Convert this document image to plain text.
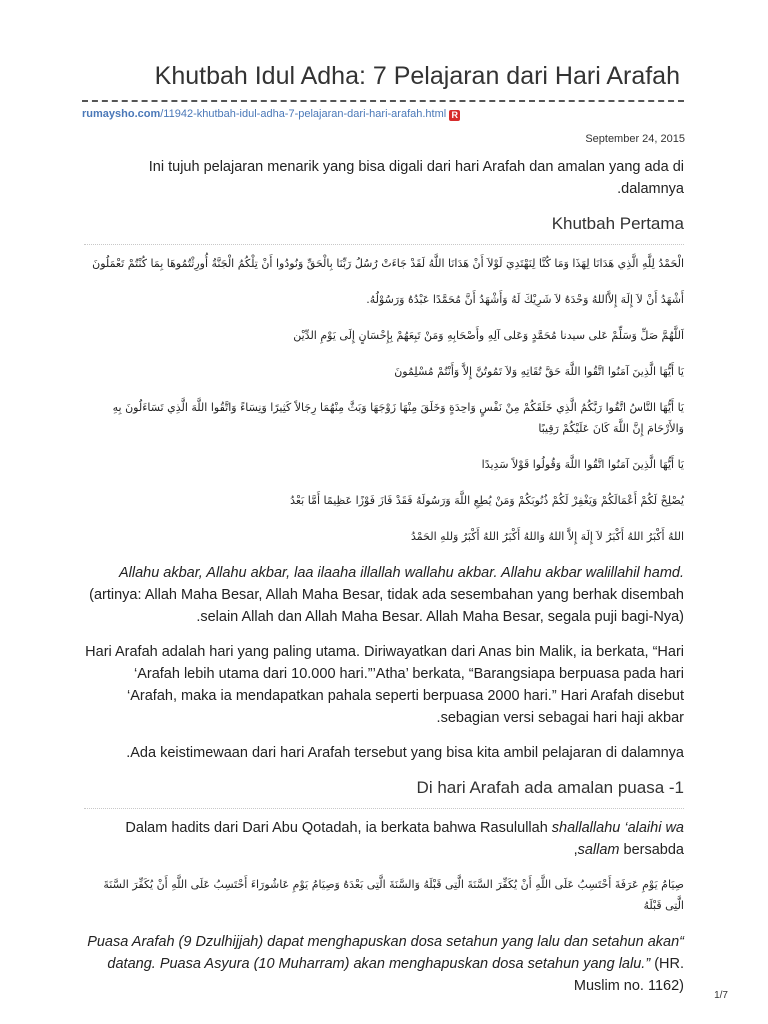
Khutbah Idul Adha: 7 Pelajaran dari Hari Arafah
rumaysho.com/11942-khutbah-idul-adha-7-pelajaran-dari-hari-arafah.html R
September 24, 2015

Ini tujuh pelajaran menarik yang bisa digali dari hari Arafah dan amalan yang ada di dalamnya.

Khutbah Pertama

الْحَمْدُ لِلَّهِ الَّذِي هَدَانَا لِهَذَا وَمَا كُنَّا لِنَهْتَدِيَ لَوْلاَ أَنْ هَدَانَا اللَّهُ لَقَدْ جَاءَتْ رُسُلُ رَبِّنَا بِالْحَقِّ وَنُودُوا أَنْ تِلْكُمُ الْجَنَّةُ أُورِثْتُمُوهَا بِمَا كُنْتُمْ تَعْمَلُونَ

أَشْهَدُ أَنْ لاَ إِلَهَ إِلاَّاللهُ وَحْدَهُ لاَ شَرِيْكَ لَهُ وَأَشْهَدُ أَنَّ مُحَمَّدًا عَبْدُهُ وَرَسُوْلُهُ.

اَللَّهُمَّ صَلِّ وَسَلِّمْ عَلى سيدنا مُحَمَّدٍ وَعَلى آلِهِ وأَصْحَابِهِ وَمَنْ تَبِعَهُمْ بِإِحْسَانٍ إِلَى يَوْمِ الدِّيْن

يَا أَيُّهَا الَّذِينَ آمَنُوا اتَّقُوا اللَّهَ حَقَّ تُقَاتِهِ وَلاَ تَمُوتُنَّ إِلاَّ وَأَنْتُمْ مُسْلِمُونَ

يَا أَيُّهَا النَّاسُ اتَّقُوا رَبَّكُمُ الَّذِي خَلَقَكُمْ مِنْ نَفْسٍ وَاحِدَةٍ وَخَلَقَ مِنْهَا زَوْجَهَا وَبَثَّ مِنْهُمَا رِجَالاً كَثِيرًا وَنِسَاءً وَاتَّقُوا اللَّهَ الَّذِي تَسَاءَلُونَ بِهِ وَالأَرْحَامَ إِنَّ اللَّهَ كَانَ عَلَيْكُمْ رَقِيبًا

يَا أَيُّهَا الَّذِينَ آمَنُوا اتَّقُوا اللَّهَ وَقُولُوا قَوْلاً سَدِيدًا

يُصْلِحْ لَكُمْ أَعْمَالَكُمْ وَيَغْفِرْ لَكُمْ ذُنُوبَكُمْ وَمَنْ يُطِعِ اللَّهَ وَرَسُولَهُ فَقَدْ فَازَ فَوْزًا عَظِيمًا أَمَّا بَعْدُ

اللهُ أَكْبَرُ اللهُ أَكْبَرُ لاَ إِلَهَ إِلاَّ اللهُ وَاللهُ أَكْبَرُ اللهُ أَكْبَرُ وَللهِ الحَمْدُ

Allahu akbar, Allahu akbar, laa ilaaha illallah wallahu akbar. Allahu akbar walillahil hamd. (artinya: Allah Maha Besar, Allah Maha Besar, tidak ada sesembahan yang berhak disembah selain Allah dan Allah Maha Besar. Allah Maha Besar, segala puji bagi-Nya).

Hari Arafah adalah hari yang paling utama. Diriwayatkan dari Anas bin Malik, ia berkata, “Hari ‘Arafah lebih utama dari 10.000 hari.”’Atha’ berkata, “Barangsiapa berpuasa pada hari ‘Arafah, maka ia mendapatkan pahala seperti berpuasa 2000 hari.” Hari Arafah disebut sebagian versi sebagai hari haji akbar.

Ada keistimewaan dari hari Arafah tersebut yang bisa kita ambil pelajaran di dalamnya.

Di hari Arafah ada amalan puasa -1

Dalam hadits dari Dari Abu Qotadah, ia berkata bahwa Rasulullah shallallahu ‘alaihi wa sallam bersabda,

صِيَامُ يَوْمِ عَرَفَةَ أَحْتَسِبُ عَلَى اللَّهِ أَنْ يُكَفِّرَ السَّنَةَ الَّتِى قَبْلَهُ وَالسَّنَةَ الَّتِى بَعْدَهُ وَصِيَامُ يَوْمِ عَاشُورَاءَ أَحْتَسِبُ عَلَى اللَّهِ أَنْ يُكَفِّرَ السَّنَةَ الَّتِى قَبْلَهُ

“Puasa Arafah (9 Dzulhijjah) dapat menghapuskan dosa setahun yang lalu dan setahun akan datang. Puasa Asyura (10 Muharram) akan menghapuskan dosa setahun yang lalu.” (HR. Muslim no. 1162)

1/7
